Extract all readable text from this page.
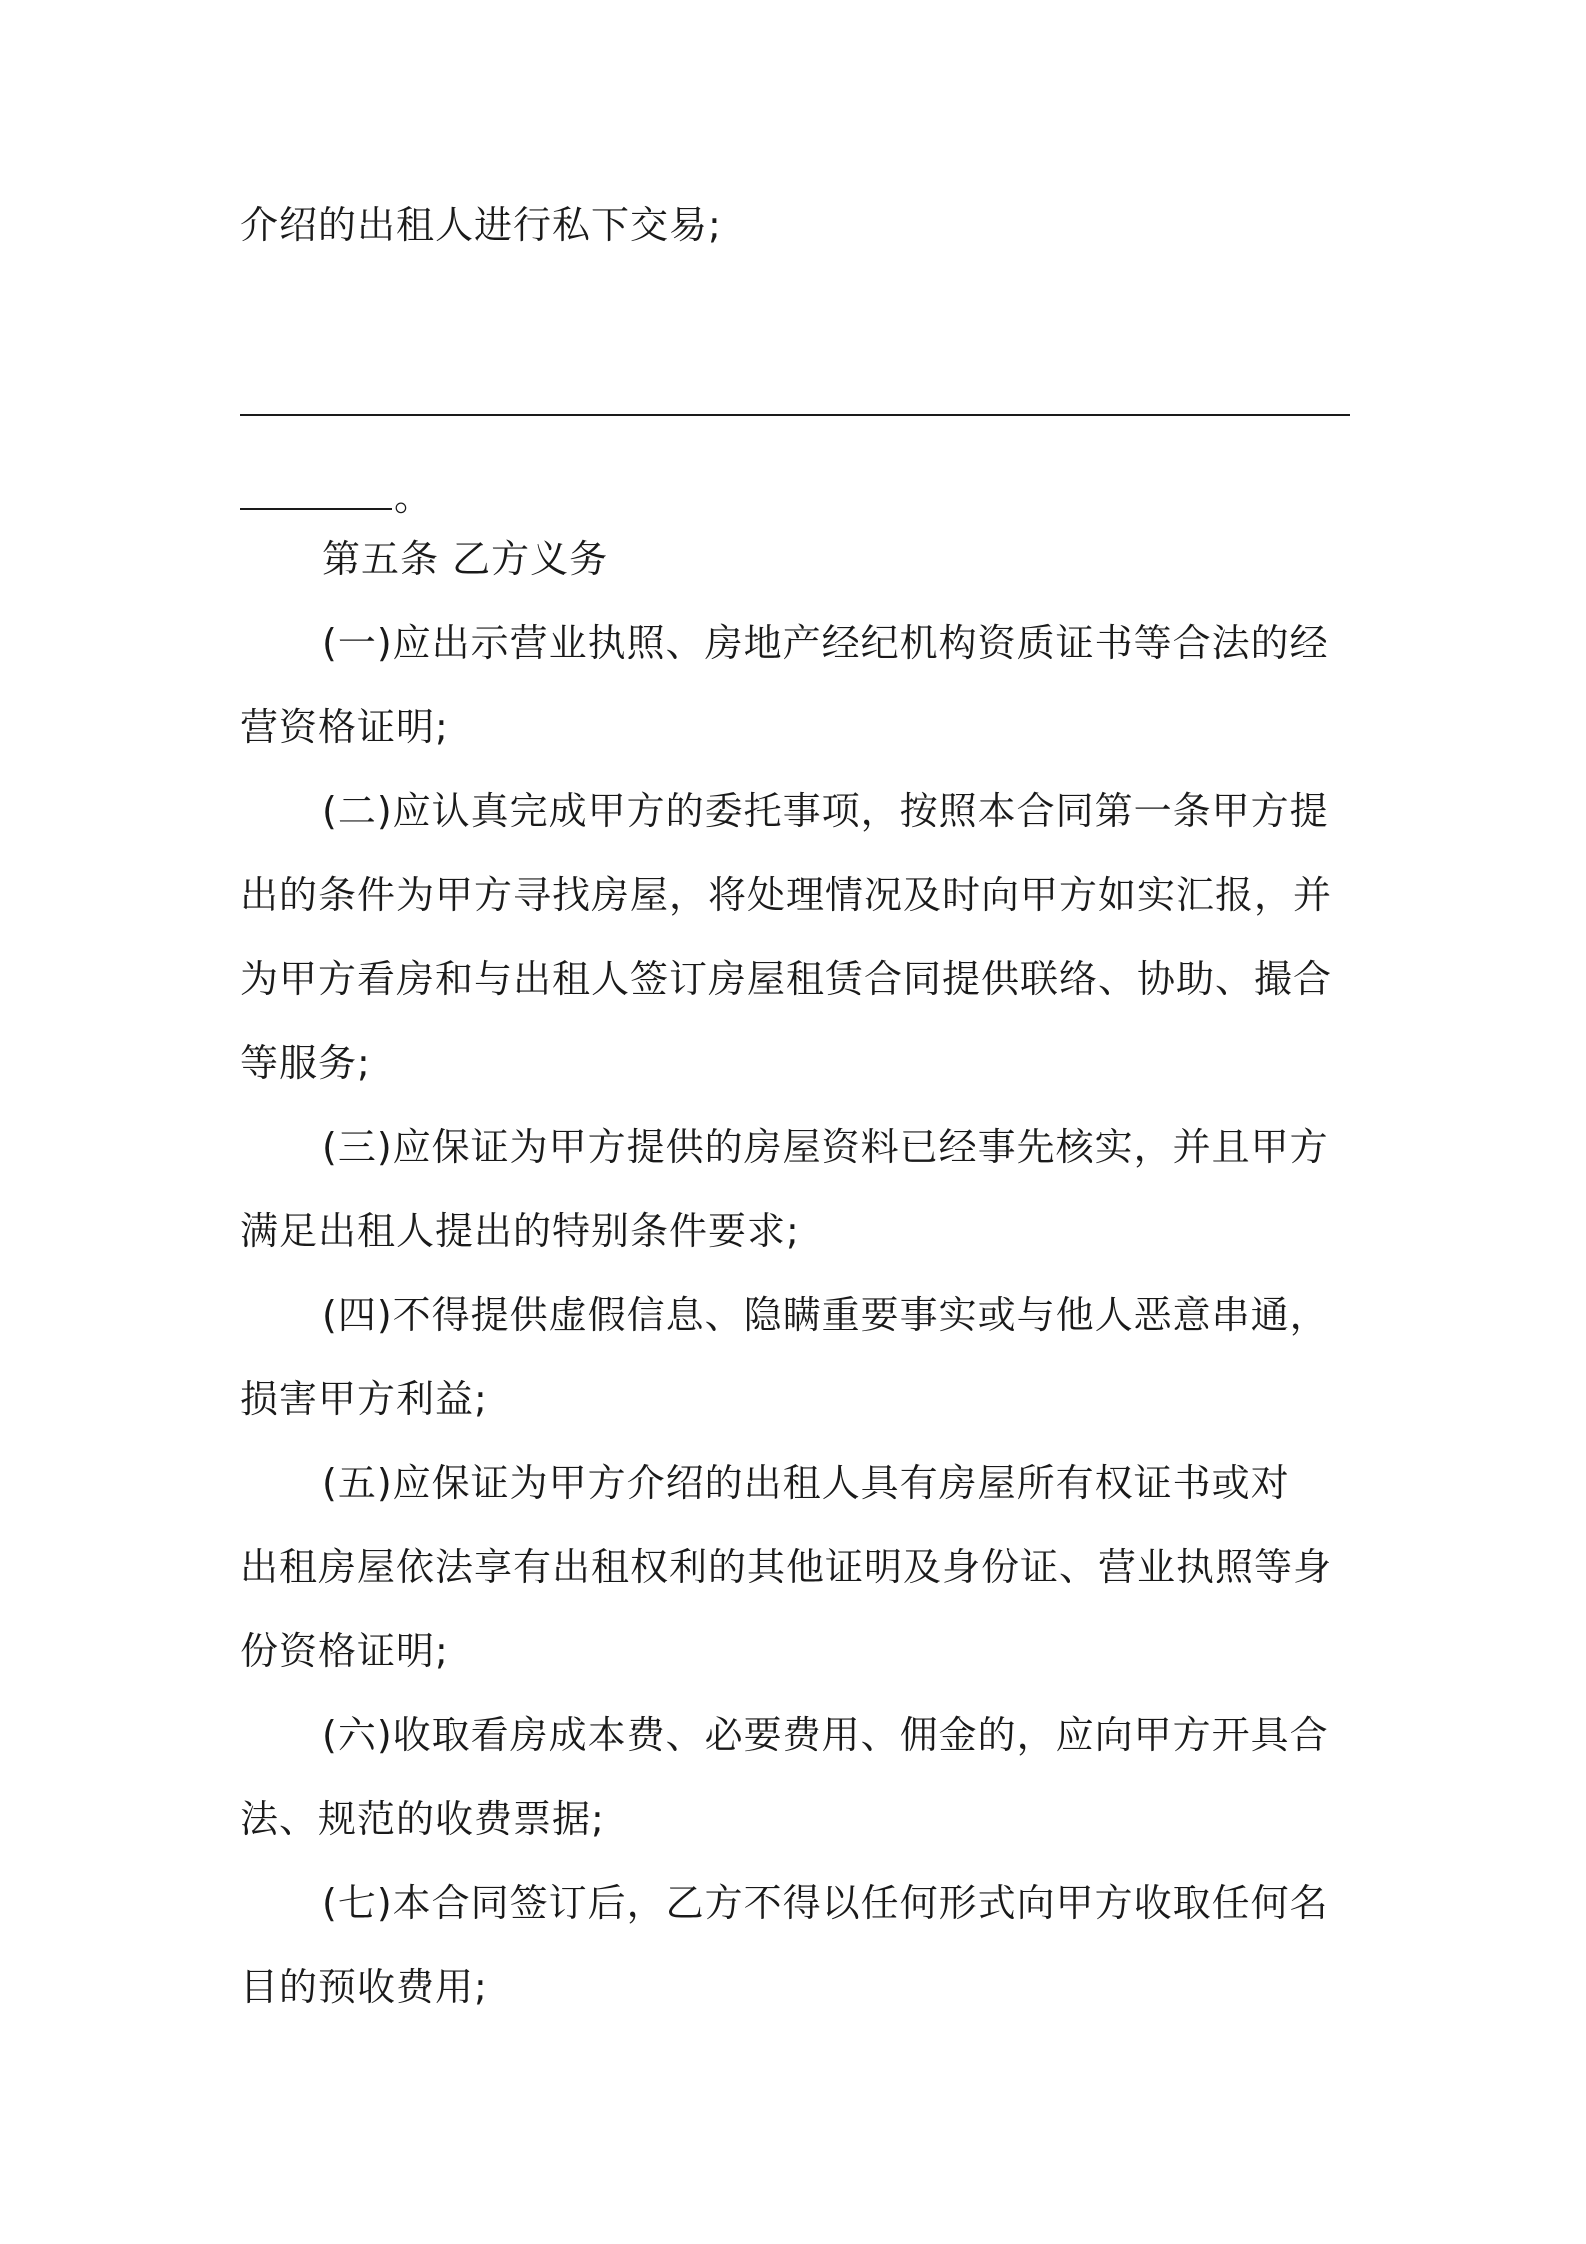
介绍的出租人进行私下交易;
。
第五条 乙方义务
(一)应出示营业执照、房地产经纪机构资质证书等合法的经
营资格证明;
(二)应认真完成甲方的委托事项，按照本合同第一条甲方提
出的条件为甲方寻找房屋，将处理情况及时向甲方如实汇报，并
为甲方看房和与出租人签订房屋租赁合同提供联络、协助、撮合
等服务;
(三)应保证为甲方提供的房屋资料已经事先核实，并且甲方
满足出租人提出的特别条件要求;
(四)不得提供虚假信息、隐瞒重要事实或与他人恶意串通，
损害甲方利益;
(五)应保证为甲方介绍的出租人具有房屋所有权证书或对
出租房屋依法享有出租权利的其他证明及身份证、营业执照等身
份资格证明;
(六)收取看房成本费、必要费用、佣金的，应向甲方开具合
法、规范的收费票据;
(七)本合同签订后，乙方不得以任何形式向甲方收取任何名
目的预收费用;
